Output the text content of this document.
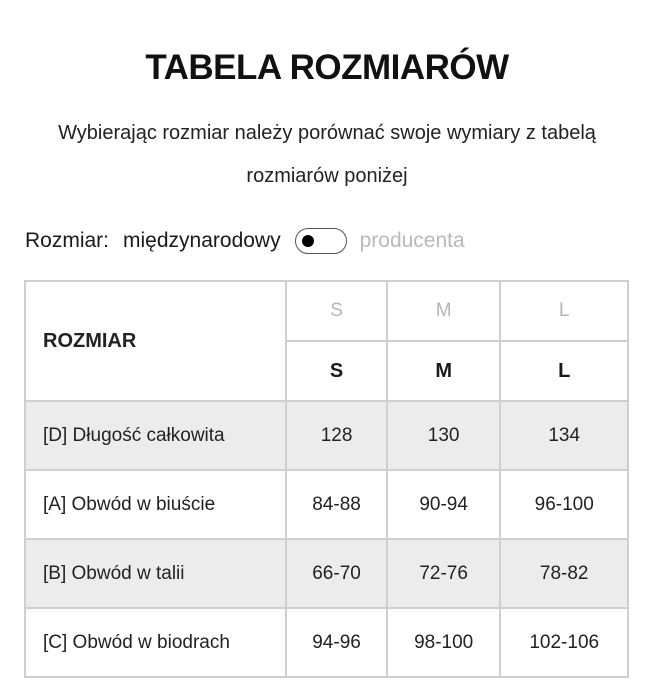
TABELA ROZMIARÓW
Wybierając rozmiar należy porównać swoje wymiary z tabelą
rozmiarów poniżej
Rozmiar: międzynarodowy	producenta
ROZMIAR	S	M	L
	S	M	L
[D] Długość całkowita	128	130	134
[A] Obwód w biuście	84-88	90-94	96-100
[B] Obwód w talii	66-70	72-76	78-82
[C] Obwód w biodrach	94-96	98-100	102-106
